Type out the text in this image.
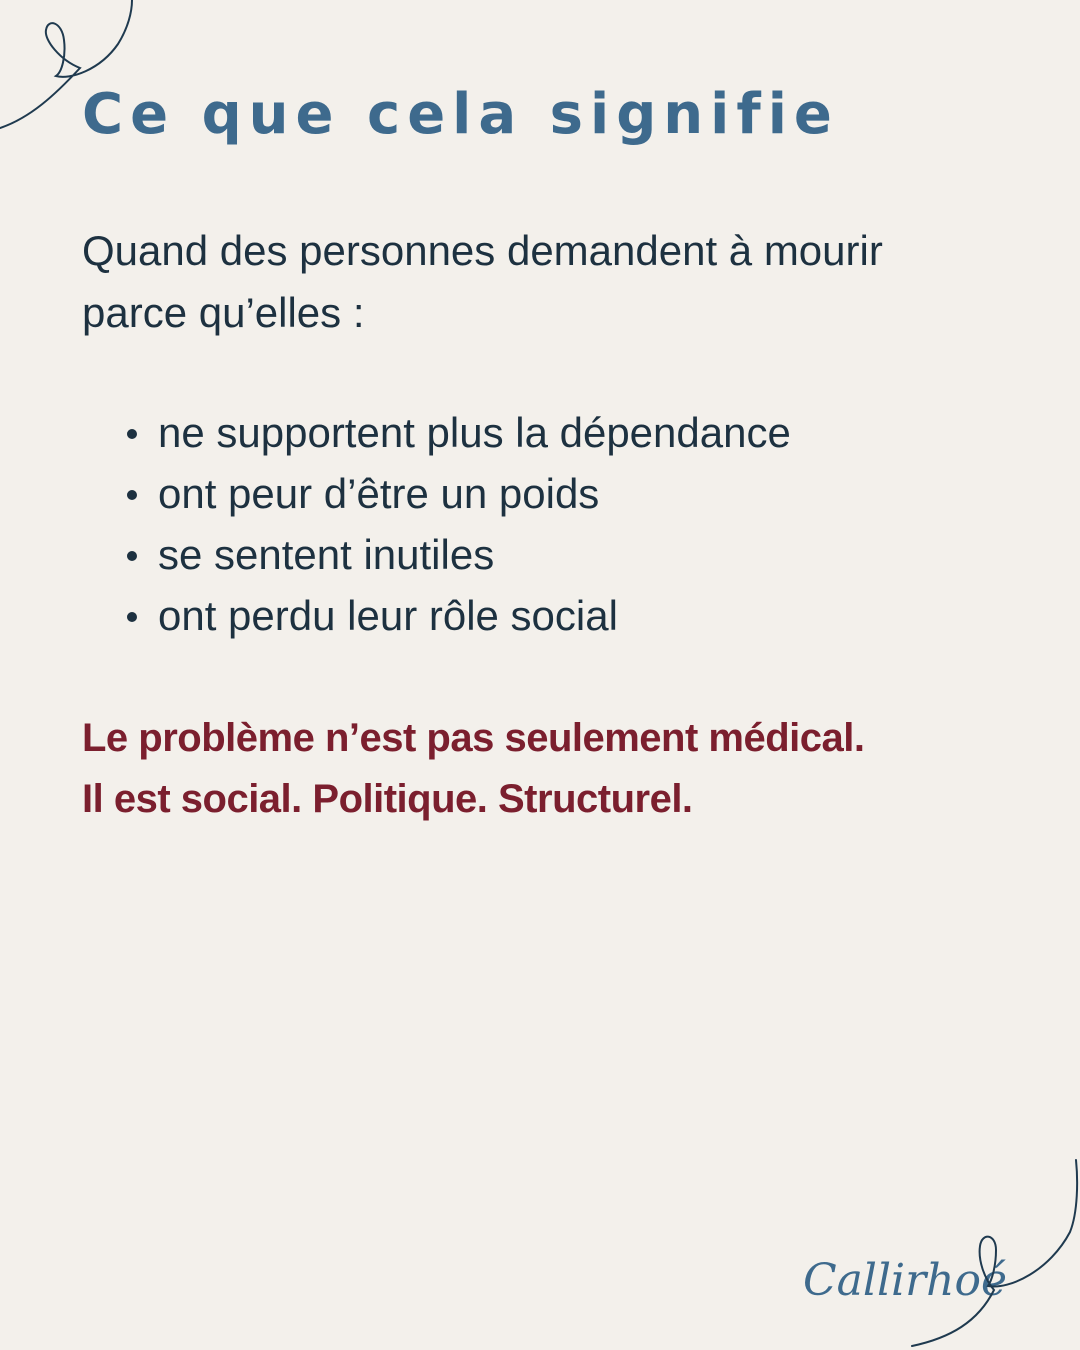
Ce que cela signifie

Quand des personnes demandent à mourir parce qu’elles :

ne supportent plus la dépendance
ont peur d’être un poids
se sentent inutiles
ont perdu leur rôle social

Le problème n’est pas seulement médical.
Il est social. Politique. Structurel.

Callirhoé
